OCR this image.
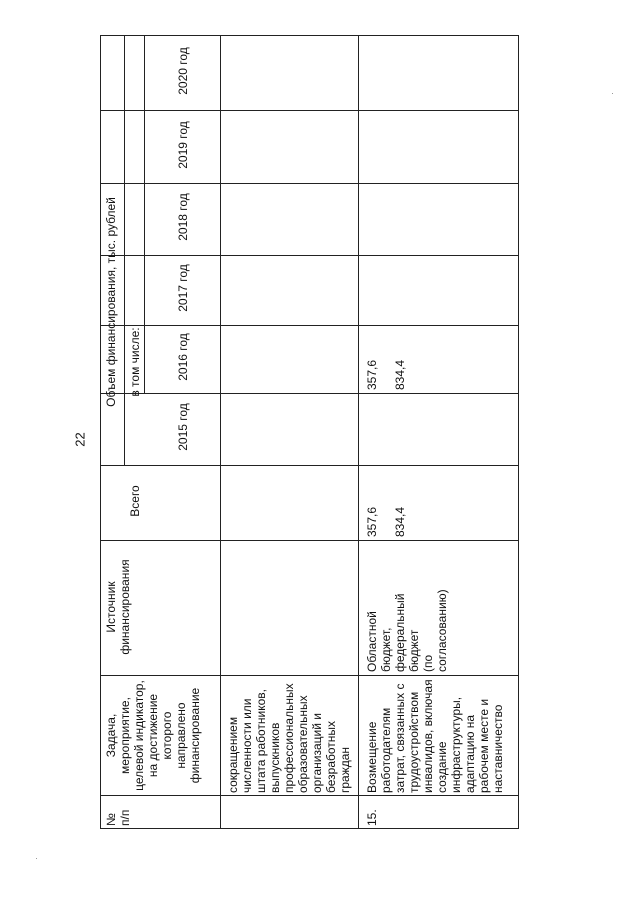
22
№
п/п
Задача,
мероприятие,
целевой индикатор,
на достижение
которого
направлено
финансирование
Источник
финансирования
Объем финансирования, тыс. рублей
Всего
в том числе:
2015 год
2016 год
2017 год
2018 год
2019 год
2020 год
сокращением
численности или
штата работников,
выпускников
профессиональных
образовательных
организаций и
безработных
граждан
15.
Возмещение
работодателям
затрат, связанных с
трудоустройством
инвалидов, включая
создание
инфраструктуры,
адаптацию на
рабочем месте и
наставничество
Областной
бюджет,
федеральный
бюджет
(по
согласованию)
357,6

834,4
357,6

834,4
